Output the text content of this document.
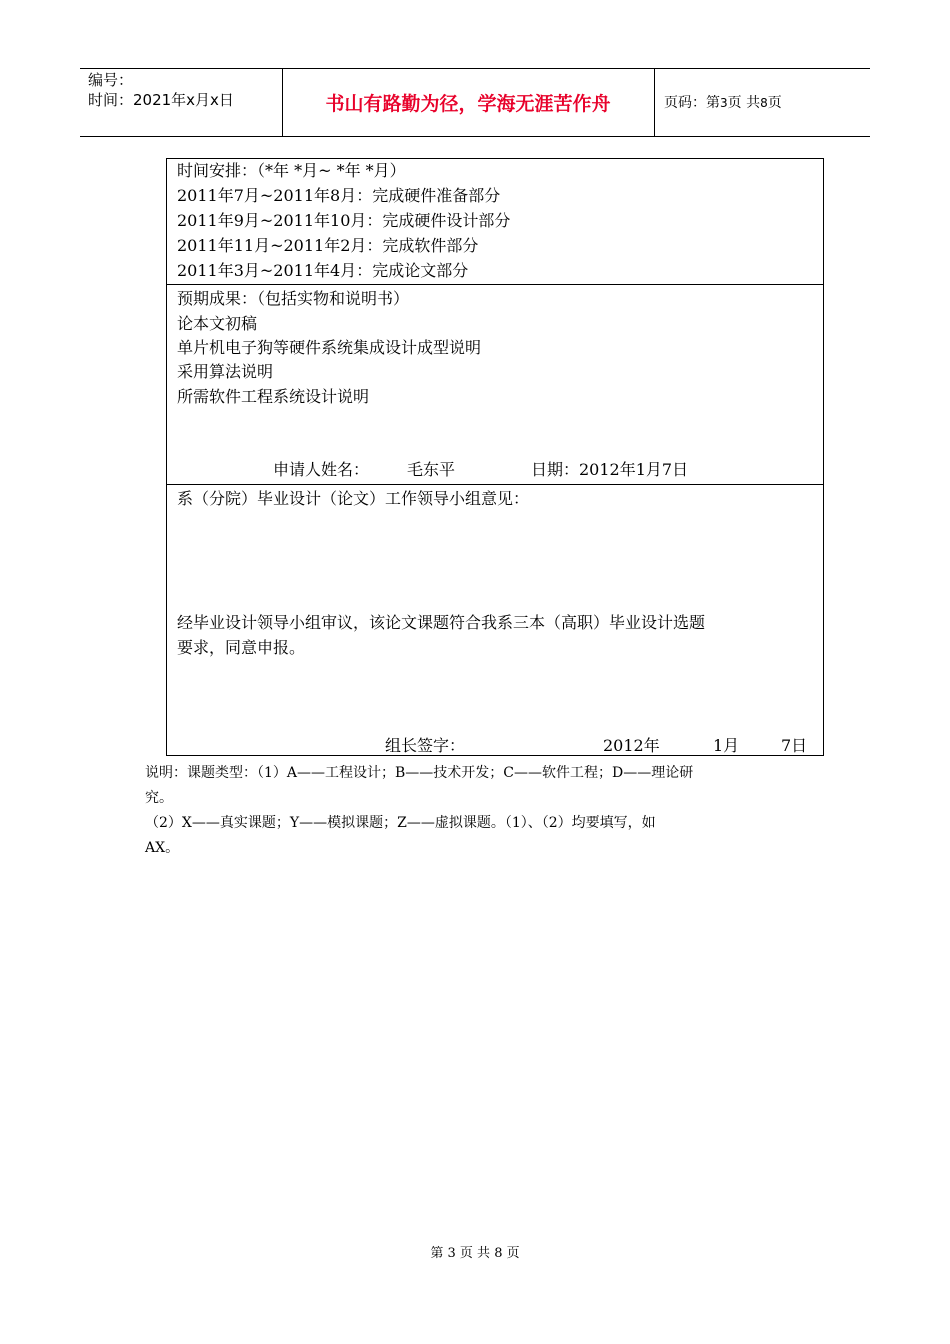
编号：
时间：2021年x月x日	书山有路勤为径，学海无涯苦作舟	页码：第3页 共8页
时间安排：（*年 *月~ *年 *月）
2011年7月~2011年8月：完成硬件准备部分
2011年9月~2011年10月：完成硬件设计部分
2011年11月~2011年2月：完成软件部分
2011年3月~2011年4月：完成论文部分
预期成果：（包括实物和说明书）
论本文初稿
单片机电子狗等硬件系统集成设计成型说明
采用算法说明
所需软件工程系统设计说明
申请人姓名： 毛东平	日期：2012年1月7日
系（分院）毕业设计（论文）工作领导小组意见：
经毕业设计领导小组审议，该论文课题符合我系三本（高职）毕业设计选题
要求，同意申报。
组长签字：	2012年	1月	7日
说明：课题类型：（1）A——工程设计；B——技术开发；C——软件工程；D——理论研
究。
（2）X——真实课题；Y——模拟课题；Z——虚拟课题。（1）、（2）均要填写，如
AX。
第 3 页 共 8 页
